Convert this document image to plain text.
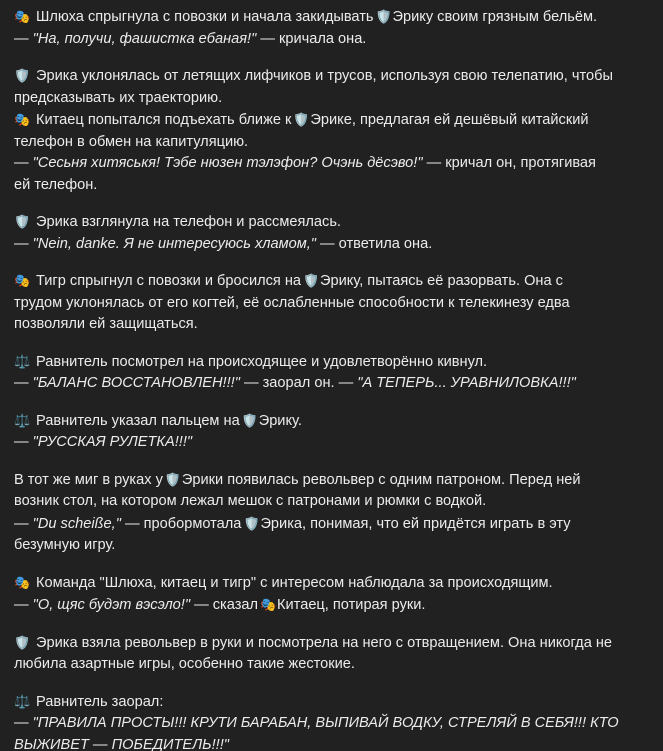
🎭 Шлюха спрыгнула с повозки и начала закидывать 🛡️Эрику своим грязным бельём.
— "На, получи, фашистка ебаная!" — кричала она.
🛡️ Эрика уклонялась от летящих лифчиков и трусов, используя свою телепатию, чтобы
предсказывать их траекторию.
🎭 Китаец попытался подъехать ближе к 🛡️Эрике, предлагая ей дешёвый китайский
телефон в обмен на капитуляцию.
— "Сесьня хитяськя! Тэбе нюзен тэлэфон? Очэнь дёсэво!" — кричал он, протягивая
ей телефон.
🛡️ Эрика взглянула на телефон и рассмеялась.
— "Nein, danke. Я не интересуюсь хламом," — ответила она.
🎭 Тигр спрыгнул с повозки и бросился на 🛡️Эрику, пытаясь её разорвать. Она с
трудом уклонялась от его когтей, её ослабленные способности к телекинезу едва
позволяли ей защищаться.
⚖️ Равнитель посмотрел на происходящее и удовлетворённо кивнул.
— "БАЛАНС ВОССТАНОВЛЕН!!!" — заорал он. — "А ТЕПЕРЬ... УРАВНИЛОВКА!!!"
⚖️ Равнитель указал пальцем на 🛡️Эрику.
— "РУССКАЯ РУЛЕТКА!!!"
В тот же миг в руках у 🛡️Эрики появилась револьвер с одним патроном. Перед ней
возник стол, на котором лежал мешок с патронами и рюмки с водкой.
— "Du scheiße," — пробормотала 🛡️Эрика, понимая, что ей придётся играть в эту
безумную игру.
🎭 Команда "Шлюха, китаец и тигр" с интересом наблюдала за происходящим.
— "О, щяс будэт вэсэло!" — сказал 🎭Китаец, потирая руки.
🛡️ Эрика взяла револьвер в руки и посмотрела на него с отвращением. Она никогда не
любила азартные игры, особенно такие жестокие.
⚖️ Равнитель заорал:
— "ПРАВИЛА ПРОСТЫ!!! КРУТИ БАРАБАН, ВЫПИВАЙ ВОДКУ, СТРЕЛЯЙ В СЕБЯ!!! КТО
ВЫЖИВЕТ — ПОБЕДИТЕЛЬ!!!"
